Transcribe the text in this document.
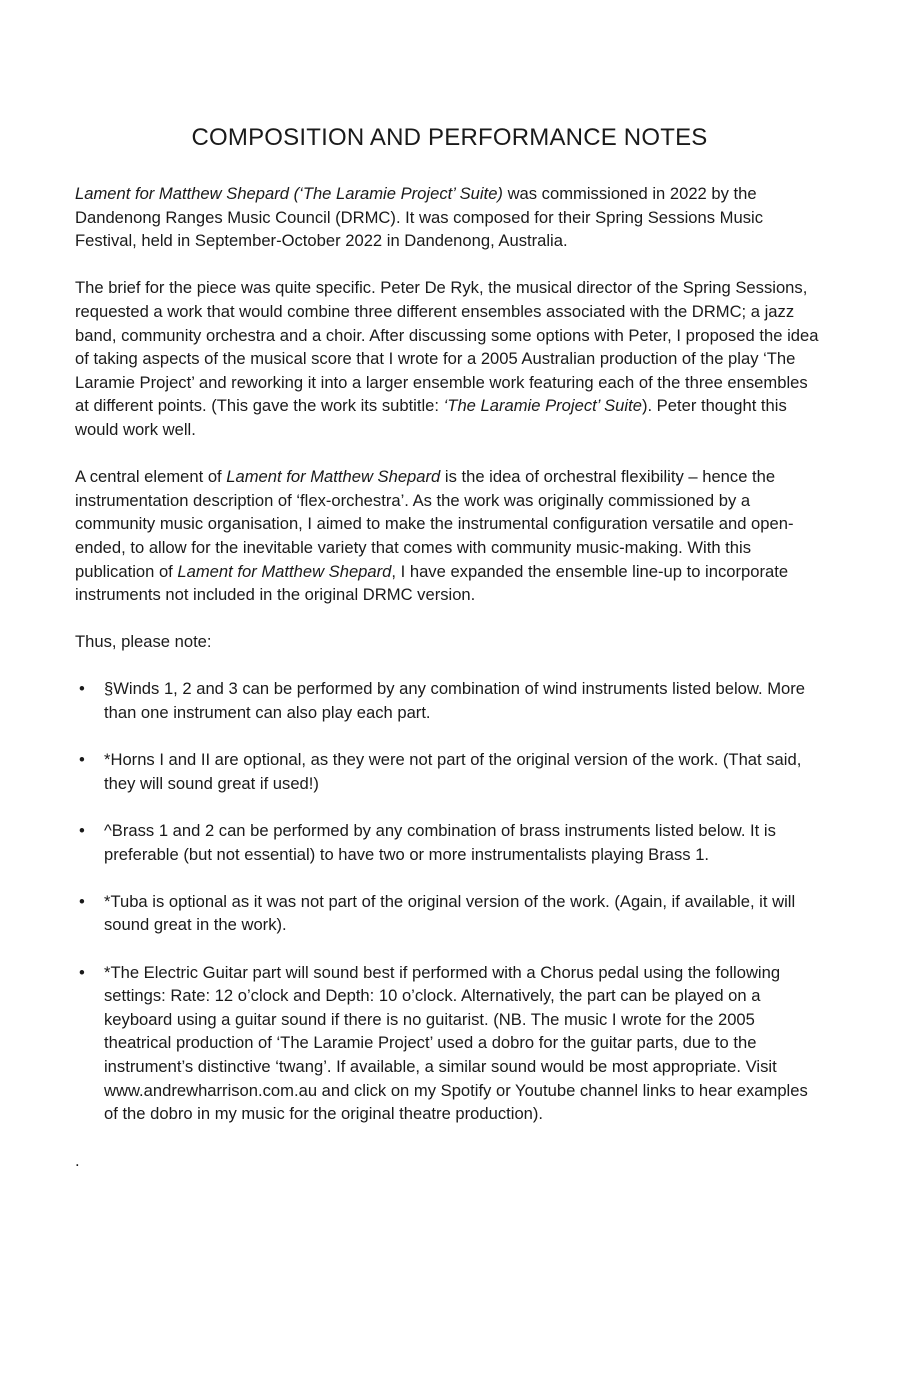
COMPOSITION AND PERFORMANCE NOTES

Lament for Matthew Shepard (‘The Laramie Project’ Suite) was commissioned in 2022 by the Dandenong Ranges Music Council (DRMC). It was composed for their Spring Sessions Music Festival, held in September-October 2022 in Dandenong, Australia.

The brief for the piece was quite specific. Peter De Ryk, the musical director of the Spring Sessions, requested a work that would combine three different ensembles associated with the DRMC; a jazz band, community orchestra and a choir. After discussing some options with Peter, I proposed the idea of taking aspects of the musical score that I wrote for a 2005 Australian production of the play ‘The Laramie Project’ and reworking it into a larger ensemble work featuring each of the three ensembles at different points. (This gave the work its subtitle: ‘The Laramie Project’ Suite). Peter thought this would work well.

A central element of Lament for Matthew Shepard is the idea of orchestral flexibility – hence the instrumentation description of ‘flex-orchestra’. As the work was originally commissioned by a community music organisation, I aimed to make the instrumental configuration versatile and open-ended, to allow for the inevitable variety that comes with community music-making. With this publication of Lament for Matthew Shepard, I have expanded the ensemble line-up to incorporate instruments not included in the original DRMC version.

Thus, please note:

• §Winds 1, 2 and 3 can be performed by any combination of wind instruments listed below. More than one instrument can also play each part.
• *Horns I and II are optional, as they were not part of the original version of the work. (That said, they will sound great if used!)
• ^Brass 1 and 2 can be performed by any combination of brass instruments listed below. It is preferable (but not essential) to have two or more instrumentalists playing Brass 1.
• *Tuba is optional as it was not part of the original version of the work. (Again, if available, it will sound great in the work).
• *The Electric Guitar part will sound best if performed with a Chorus pedal using the following settings: Rate: 12 o’clock and Depth: 10 o’clock. Alternatively, the part can be played on a keyboard using a guitar sound if there is no guitarist. (NB. The music I wrote for the 2005 theatrical production of ‘The Laramie Project’ used a dobro for the guitar parts, due to the instrument’s distinctive ‘twang’. If available, a similar sound would be most appropriate. Visit www.andrewharrison.com.au and click on my Spotify or Youtube channel links to hear examples of the dobro in my music for the original theatre production).

.
